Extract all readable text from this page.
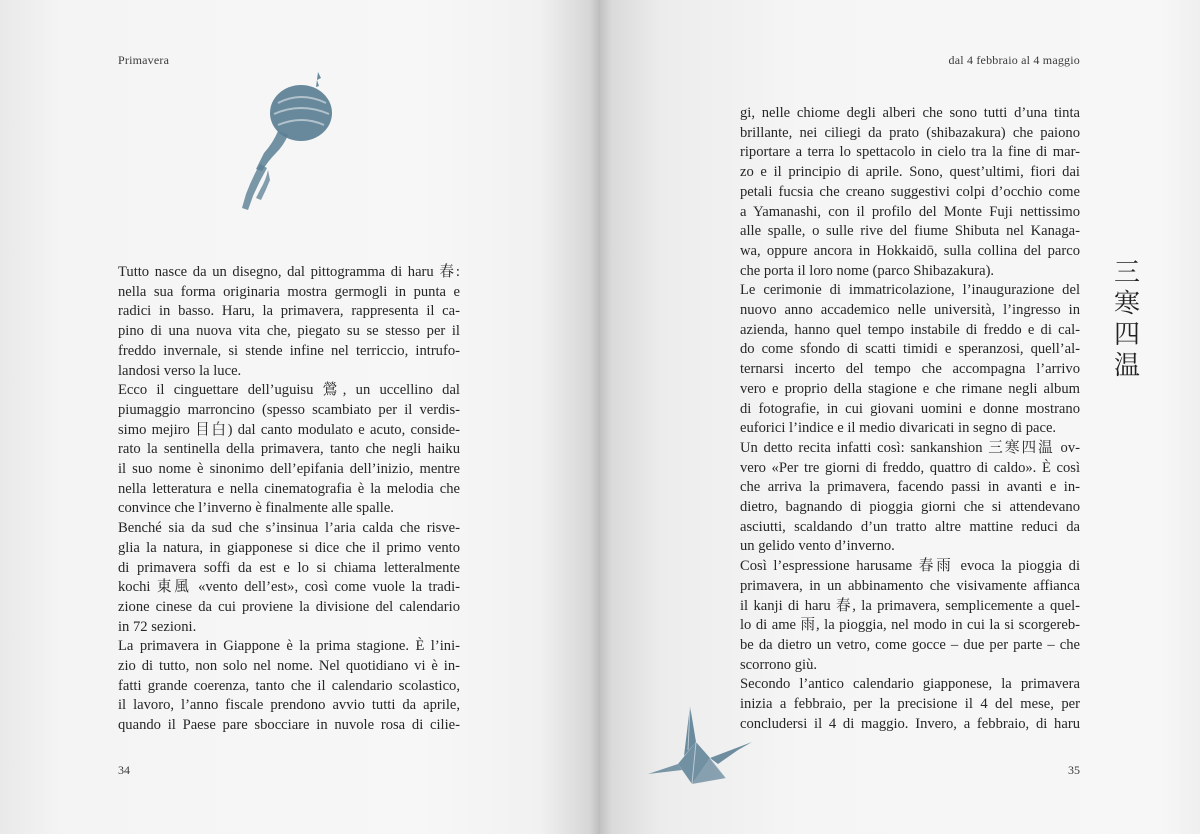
Primavera
Tutto nasce da un disegno, dal pittogramma di haru 春:
nella sua forma originaria mostra germogli in punta e
radici in basso. Haru, la primavera, rappresenta il ca-
pino di una nuova vita che, piegato su se stesso per il
freddo invernale, si stende infine nel terriccio, intrufo-
landosi verso la luce.
Ecco il cinguettare dell’uguisu 鶯, un uccellino dal
piumaggio marroncino (spesso scambiato per il verdis-
simo mejiro 目白) dal canto modulato e acuto, conside-
rato la sentinella della primavera, tanto che negli haiku
il suo nome è sinonimo dell’epifania dell’inizio, mentre
nella letteratura e nella cinematografia è la melodia che
convince che l’inverno è finalmente alle spalle.
Benché sia da sud che s’insinua l’aria calda che risve-
glia la natura, in giapponese si dice che il primo vento
di primavera soffi da est e lo si chiama letteralmente
kochi 東風 «vento dell’est», così come vuole la tradi-
zione cinese da cui proviene la divisione del calendario
in 72 sezioni.
La primavera in Giappone è la prima stagione. È l’ini-
zio di tutto, non solo nel nome. Nel quotidiano vi è in-
fatti grande coerenza, tanto che il calendario scolastico,
il lavoro, l’anno fiscale prendono avvio tutti da aprile,
quando il Paese pare sbocciare in nuvole rosa di cilie-
34
dal 4 febbraio al 4 maggio
gi, nelle chiome degli alberi che sono tutti d’una tinta
brillante, nei ciliegi da prato (shibazakura) che paiono
riportare a terra lo spettacolo in cielo tra la fine di mar-
zo e il principio di aprile. Sono, quest’ultimi, fiori dai
petali fucsia che creano suggestivi colpi d’occhio come
a Yamanashi, con il profilo del Monte Fuji nettissimo
alle spalle, o sulle rive del fiume Shibuta nel Kanaga-
wa, oppure ancora in Hokkaidō, sulla collina del parco
che porta il loro nome (parco Shibazakura).
Le cerimonie di immatricolazione, l’inaugurazione del
nuovo anno accademico nelle università, l’ingresso in
azienda, hanno quel tempo instabile di freddo e di cal-
do come sfondo di scatti timidi e speranzosi, quell’al-
ternarsi incerto del tempo che accompagna l’arrivo
vero e proprio della stagione e che rimane negli album
di fotografie, in cui giovani uomini e donne mostrano
euforici l’indice e il medio divaricati in segno di pace.
Un detto recita infatti così: sankanshion 三寒四温 ov-
vero «Per tre giorni di freddo, quattro di caldo». È così
che arriva la primavera, facendo passi in avanti e in-
dietro, bagnando di pioggia giorni che si attendevano
asciutti, scaldando d’un tratto altre mattine reduci da
un gelido vento d’inverno.
Così l’espressione harusame 春雨 evoca la pioggia di
primavera, in un abbinamento che visivamente affianca
il kanji di haru 春, la primavera, semplicemente a quel-
lo di ame 雨, la pioggia, nel modo in cui la si scorgereb-
be da dietro un vetro, come gocce – due per parte – che
scorrono giù.
Secondo l’antico calendario giapponese, la primavera
inizia a febbraio, per la precisione il 4 del mese, per
concludersi il 4 di maggio. Invero, a febbraio, di haru
35
三
寒
四
温
